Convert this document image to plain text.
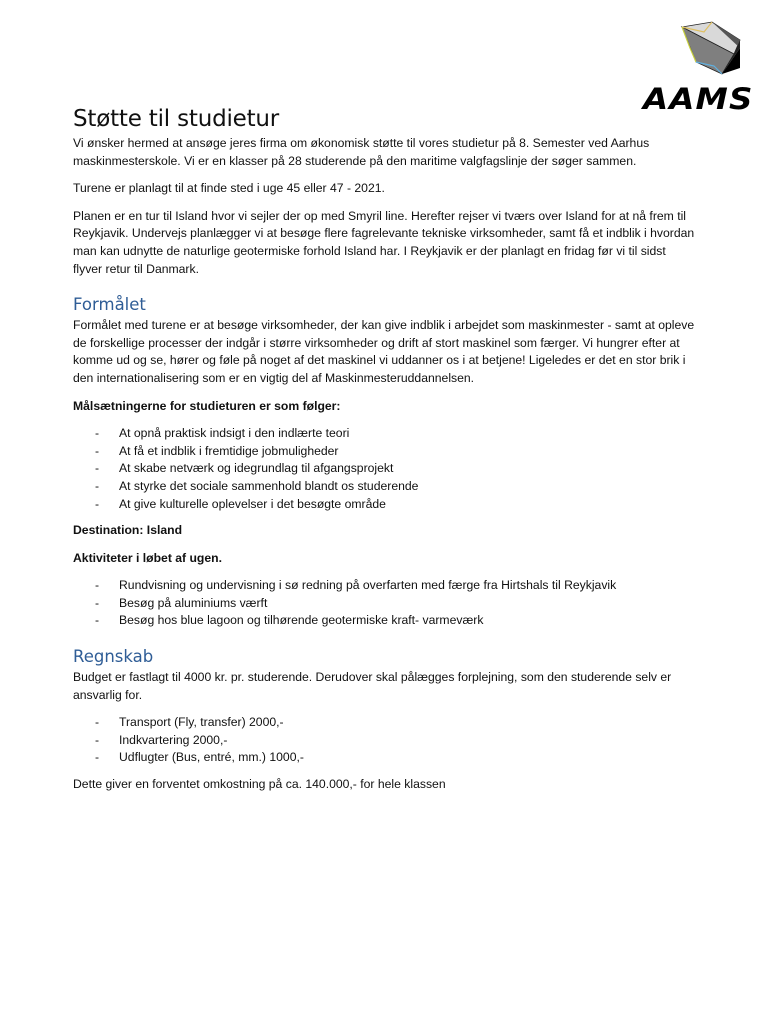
AAMS
Støtte til studietur

Vi ønsker hermed at ansøge jeres firma om økonomisk støtte til vores studietur på 8. Semester ved Aarhus maskinmesterskole. Vi er en klasser på 28 studerende på den maritime valgfagslinje der søger sammen.

Turene er planlagt til at finde sted i uge 45 eller 47 - 2021.

Planen er en tur til Island hvor vi sejler der op med Smyril line. Herefter rejser vi tværs over Island for at nå frem til Reykjavik. Undervejs planlægger vi at besøge flere fagrelevante tekniske virksomheder, samt få et indblik i hvordan man kan udnytte de naturlige geotermiske forhold Island har. I Reykjavik er der planlagt en fridag før vi til sidst flyver retur til Danmark.

Formålet

Formålet med turene er at besøge virksomheder, der kan give indblik i arbejdet som maskinmester - samt at opleve de forskellige processer der indgår i større virksomheder og drift af stort maskinel som færger. Vi hungrer efter at komme ud og se, hører og føle på noget af det maskinel vi uddanner os i at betjene! Ligeledes er det en stor brik i den internationalisering som er en vigtig del af Maskinmesteruddannelsen.

Målsætningerne for studieturen er som følger:

- At opnå praktisk indsigt i den indlærte teori
- At få et indblik i fremtidige jobmuligheder
- At skabe netværk og idegrundlag til afgangsprojekt
- At styrke det sociale sammenhold blandt os studerende
- At give kulturelle oplevelser i det besøgte område

Destination: Island

Aktiviteter i løbet af ugen.

- Rundvisning og undervisning i sø redning på overfarten med færge fra Hirtshals til Reykjavik
- Besøg på aluminiums værft
- Besøg hos blue lagoon og tilhørende geotermiske kraft- varmeværk
Regnskab

Budget er fastlagt til 4000 kr. pr. studerende. Derudover skal pålægges forplejning, som den studerende selv er ansvarlig for.

- Transport (Fly, transfer) 2000,-
- Indkvartering 2000,-
- Udflugter (Bus, entré, mm.) 1000,-

Dette giver en forventet omkostning på ca. 140.000,- for hele klassen
